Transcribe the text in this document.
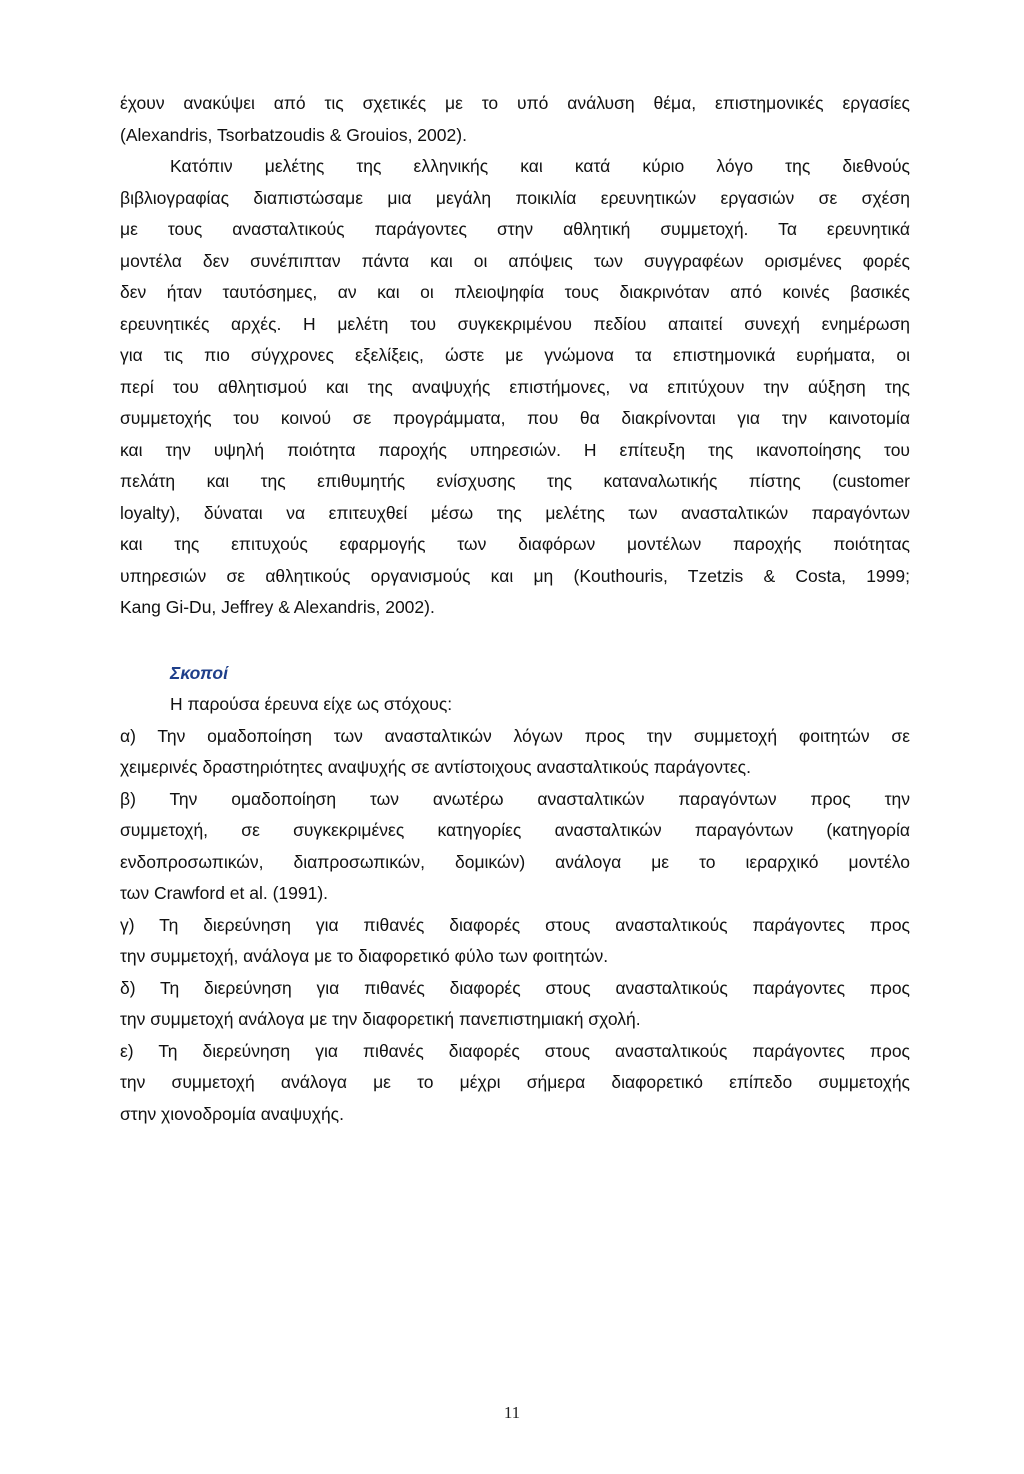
έχουν ανακύψει από τις σχετικές με το υπό ανάλυση θέμα, επιστημονικές εργασίες
(Alexandris, Tsorbatzoudis & Grouios, 2002).
Κατόπιν μελέτης της ελληνικής και κατά κύριο λόγο της διεθνούς
βιβλιογραφίας διαπιστώσαμε μια μεγάλη ποικιλία ερευνητικών εργασιών σε σχέση
με τους ανασταλτικούς παράγοντες στην αθλητική συμμετοχή. Τα ερευνητικά
μοντέλα δεν συνέπιπταν πάντα και οι απόψεις των συγγραφέων ορισμένες φορές
δεν ήταν ταυτόσημες, αν και οι πλειοψηφία τους διακρινόταν από κοινές βασικές
ερευνητικές αρχές. Η μελέτη του συγκεκριμένου πεδίου απαιτεί συνεχή ενημέρωση
για τις πιο σύγχρονες εξελίξεις, ώστε με γνώμονα τα επιστημονικά ευρήματα, οι
περί του αθλητισμού και της αναψυχής επιστήμονες, να επιτύχουν την αύξηση της
συμμετοχής του κοινού σε προγράμματα, που θα διακρίνονται για την καινοτομία
και την υψηλή ποιότητα παροχής υπηρεσιών. Η επίτευξη της ικανοποίησης του
πελάτη και της επιθυμητής ενίσχυσης της καταναλωτικής πίστης (customer
loyalty), δύναται να επιτευχθεί μέσω της μελέτης των ανασταλτικών παραγόντων
και της επιτυχούς εφαρμογής των διαφόρων μοντέλων παροχής ποιότητας
υπηρεσιών σε αθλητικούς οργανισμούς και μη (Kouthouris, Tzetzis & Costa, 1999;
Kang Gi-Du, Jeffrey & Alexandris, 2002).
Σκοποί
Η παρούσα έρευνα είχε ως στόχους:
α) Την ομαδοποίηση των ανασταλτικών λόγων προς την συμμετοχή φοιτητών σε
χειμερινές δραστηριότητες αναψυχής σε αντίστοιχους ανασταλτικούς παράγοντες.
β) Την ομαδοποίηση των ανωτέρω ανασταλτικών παραγόντων προς την
συμμετοχή, σε συγκεκριμένες κατηγορίες ανασταλτικών παραγόντων (κατηγορία
ενδοπροσωπικών, διαπροσωπικών, δομικών) ανάλογα με το ιεραρχικό μοντέλο
των Crawford et al. (1991).
γ) Τη διερεύνηση για πιθανές διαφορές στους ανασταλτικούς παράγοντες προς
την συμμετοχή, ανάλογα με το διαφορετικό φύλο των φοιτητών.
δ) Τη διερεύνηση για πιθανές διαφορές στους ανασταλτικούς παράγοντες προς
την συμμετοχή ανάλογα με την διαφορετική πανεπιστημιακή σχολή.
ε) Τη διερεύνηση για πιθανές διαφορές στους ανασταλτικούς παράγοντες προς
την συμμετοχή ανάλογα με το μέχρι σήμερα διαφορετικό επίπεδο συμμετοχής
στην χιονοδρομία αναψυχής.
11
